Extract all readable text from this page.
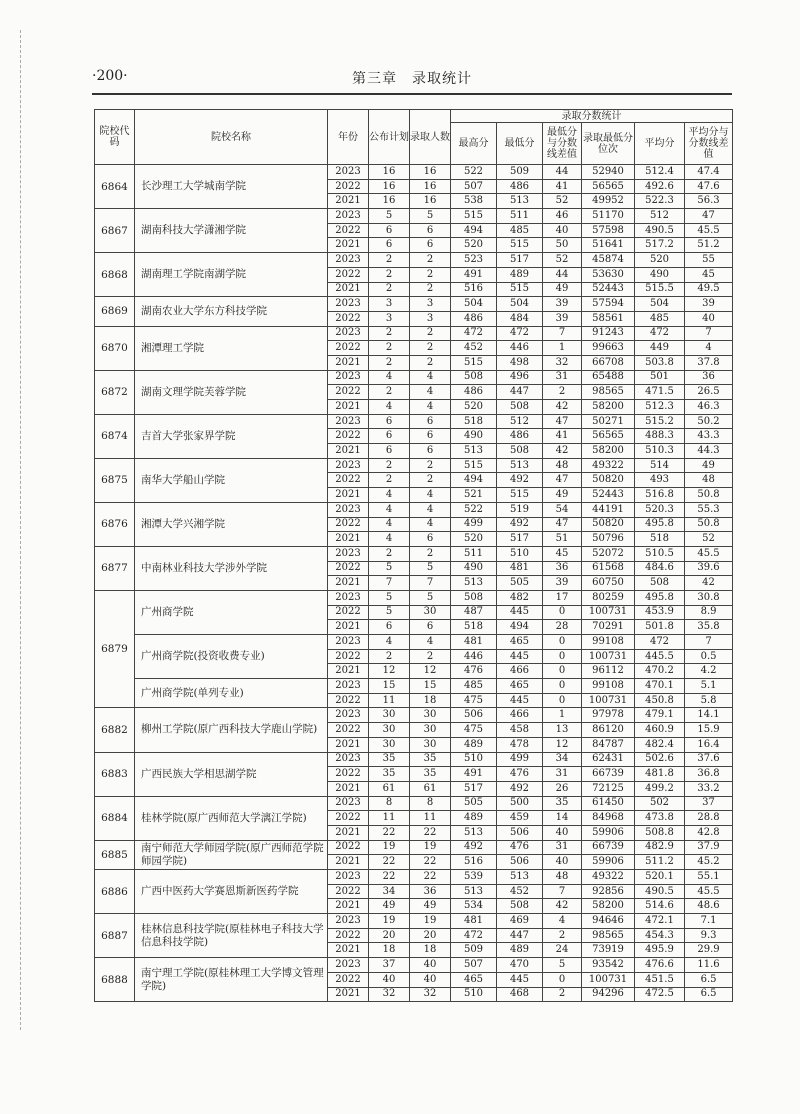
·200·	第三章　录取统计
院校代码	院校名称	年份	公布计划	录取人数	录取分数统计					
					最高分	最低分	最低分与分数线差值	录取最低分位次	平均分	平均分与分数线差值
6864	长沙理工大学城南学院	2023	16	16	522	509	44	52940	512.4	47.4
		2022	16	16	507	486	41	56565	492.6	47.6
		2021	16	16	538	513	52	49952	522.3	56.3
6867	湖南科技大学潇湘学院	2023	5	5	515	511	46	51170	512	47
		2022	6	6	494	485	40	57598	490.5	45.5
		2021	6	6	520	515	50	51641	517.2	51.2
6868	湖南理工学院南湖学院	2023	2	2	523	517	52	45874	520	55
		2022	2	2	491	489	44	53630	490	45
		2021	2	2	516	515	49	52443	515.5	49.5
6869	湖南农业大学东方科技学院	2023	3	3	504	504	39	57594	504	39
		2022	3	3	486	484	39	58561	485	40
6870	湘潭理工学院	2023	2	2	472	472	7	91243	472	7
		2022	2	2	452	446	1	99663	449	4
		2021	2	2	515	498	32	66708	503.8	37.8
6872	湖南文理学院芙蓉学院	2023	4	4	508	496	31	65488	501	36
		2022	2	4	486	447	2	98565	471.5	26.5
		2021	4	4	520	508	42	58200	512.3	46.3
6874	吉首大学张家界学院	2023	6	6	518	512	47	50271	515.2	50.2
		2022	6	6	490	486	41	56565	488.3	43.3
		2021	6	6	513	508	42	58200	510.3	44.3
6875	南华大学船山学院	2023	2	2	515	513	48	49322	514	49
		2022	2	2	494	492	47	50820	493	48
		2021	4	4	521	515	49	52443	516.8	50.8
6876	湘潭大学兴湘学院	2023	4	4	522	519	54	44191	520.3	55.3
		2022	4	4	499	492	47	50820	495.8	50.8
		2021	4	6	520	517	51	50796	518	52
6877	中南林业科技大学涉外学院	2023	2	2	511	510	45	52072	510.5	45.5
		2022	5	5	490	481	36	61568	484.6	39.6
		2021	7	7	513	505	39	60750	508	42
6879	广州商学院	2023	5	5	508	482	17	80259	495.8	30.8
		2022	5	30	487	445	0	100731	453.9	8.9
		2021	6	6	518	494	28	70291	501.8	35.8
	广州商学院(投资收费专业)	2023	4	4	481	465	0	99108	472	7
		2022	2	2	446	445	0	100731	445.5	0.5
		2021	12	12	476	466	0	96112	470.2	4.2
	广州商学院(单列专业)	2023	15	15	485	465	0	99108	470.1	5.1
		2022	11	18	475	445	0	100731	450.8	5.8
6882	柳州工学院(原广西科技大学鹿山学院)	2023	30	30	506	466	1	97978	479.1	14.1
		2022	30	30	475	458	13	86120	460.9	15.9
		2021	30	30	489	478	12	84787	482.4	16.4
6883	广西民族大学相思湖学院	2023	35	35	510	499	34	62431	502.6	37.6
		2022	35	35	491	476	31	66739	481.8	36.8
		2021	61	61	517	492	26	72125	499.2	33.2
6884	桂林学院(原广西师范大学漓江学院)	2023	8	8	505	500	35	61450	502	37
		2022	11	11	489	459	14	84968	473.8	28.8
		2021	22	22	513	506	40	59906	508.8	42.8
6885	南宁师范大学师园学院(原广西师范学院师园学院)	2022	19	19	492	476	31	66739	482.9	37.9
		2021	22	22	516	506	40	59906	511.2	45.2
6886	广西中医药大学赛恩斯新医药学院	2023	22	22	539	513	48	49322	520.1	55.1
		2022	34	36	513	452	7	92856	490.5	45.5
		2021	49	49	534	508	42	58200	514.6	48.6
6887	桂林信息科技学院(原桂林电子科技大学信息科技学院)	2023	19	19	481	469	4	94646	472.1	7.1
		2022	20	20	472	447	2	98565	454.3	9.3
		2021	18	18	509	489	24	73919	495.9	29.9
6888	南宁理工学院(原桂林理工大学博文管理学院)	2023	37	40	507	470	5	93542	476.6	11.6
		2022	40	40	465	445	0	100731	451.5	6.5
		2021	32	32	510	468	2	94296	472.5	6.5
